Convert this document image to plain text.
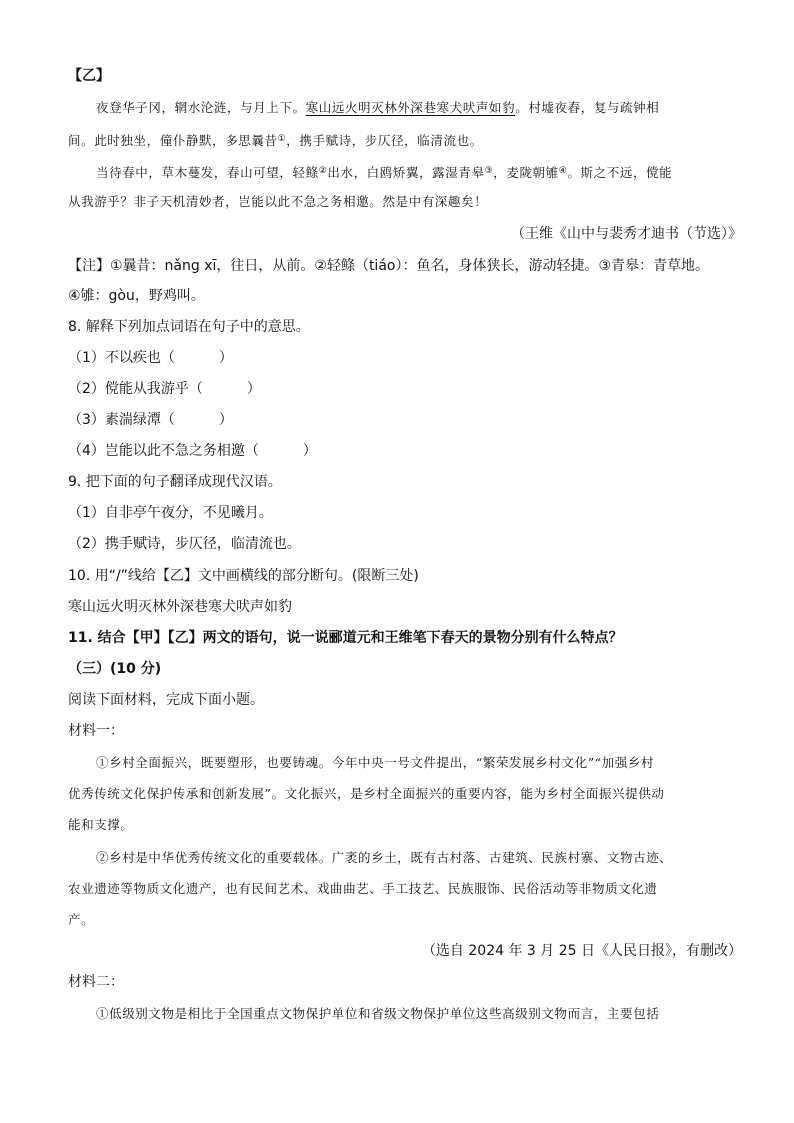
【乙】
夜登华子冈，辋水沦涟，与月上下。寒山远火明灭林外深巷寒犬吠声如豹。村墟夜舂，复与疏钟相
间。此时独坐，僮仆静默，多思曩昔①，携手赋诗，步仄径，临清流也。
当待春中，草木蔓发，春山可望，轻鲦②出水，白鸥矫翼，露湿青皋③，麦陇朝雊④。斯之不远，傥能
从我游乎？非子天机清妙者，岂能以此不急之务相邀。然是中有深趣矣！
（王维《山中与裴秀才迪书（节选）》
【注】①曩昔：nǎng xī，往日，从前。②轻鲦（tiáo）：鱼名，身体狭长，游动轻捷。③青皋：青草地。
④雊：gòu，野鸡叫。
8. 解释下列加点词语在句子中的意思。
（1）不以疾也（	）
（2）傥能从我游乎（	）
（3）素湍绿潭（	）
（4）岂能以此不急之务相邀（	）
9. 把下面的句子翻译成现代汉语。
（1）自非亭午夜分，不见曦月。
（2）携手赋诗，步仄径，临清流也。
10. 用“/”线给【乙】文中画横线的部分断句。(限断三处)
寒山远火明灭林外深巷寒犬吠声如豹
11. 结合【甲】【乙】两文的语句，说一说郦道元和王维笔下春天的景物分别有什么特点？
（三）(10 分)
阅读下面材料，完成下面小题。
材料一：
①乡村全面振兴，既要塑形，也要铸魂。今年中央一号文件提出，“繁荣发展乡村文化”“加强乡村
优秀传统文化保护传承和创新发展”。文化振兴，是乡村全面振兴的重要内容，能为乡村全面振兴提供动
能和支撑。
②乡村是中华优秀传统文化的重要载体。广袤的乡土，既有古村落、古建筑、民族村寨、文物古迹、
农业遗迹等物质文化遗产，也有民间艺术、戏曲曲艺、手工技艺、民族服饰、民俗活动等非物质文化遗
产。
（选自 2024 年 3 月 25 日《人民日报》，有删改）
材料二：
①低级别文物是相比于全国重点文物保护单位和省级文物保护单位这些高级别文物而言，主要包括
